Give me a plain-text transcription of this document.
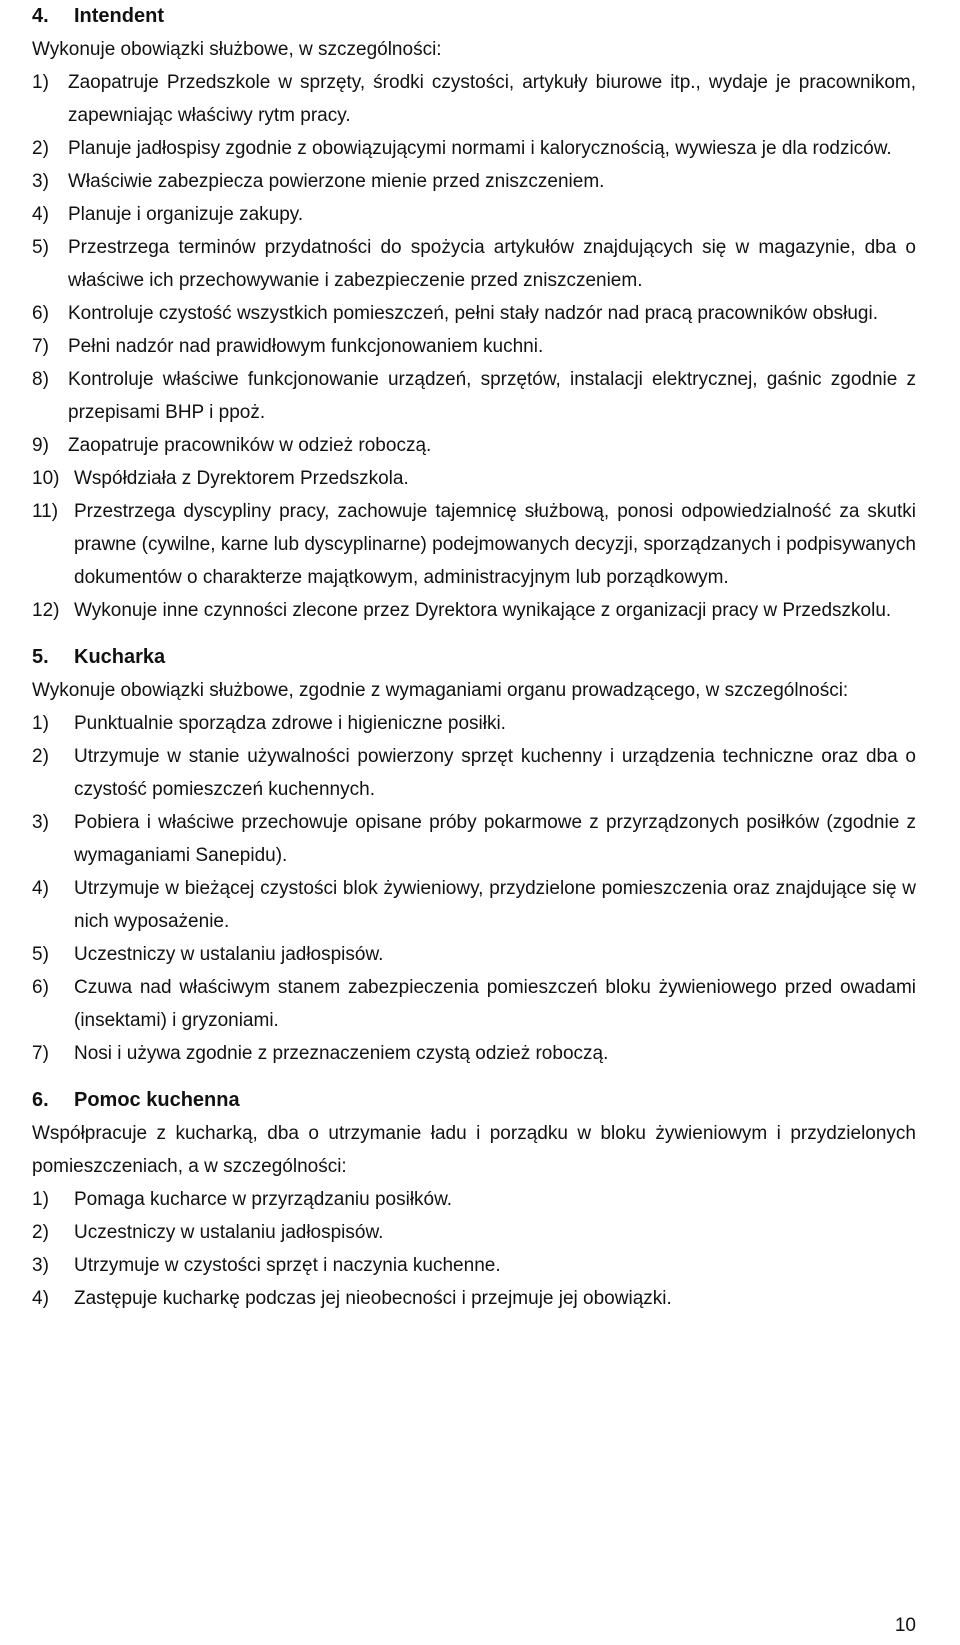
4.	Intendent

Wykonuje obowiązki służbowe, w szczególności:

1)	Zaopatruje Przedszkole w sprzęty, środki czystości, artykuły biurowe itp., wydaje je pracownikom, zapewniając właściwy rytm pracy.
2)	Planuje jadłospisy zgodnie z obowiązującymi normami i kalorycznością, wywiesza je dla rodziców.
3)	Właściwie zabezpiecza powierzone mienie przed zniszczeniem.
4)	Planuje i organizuje zakupy.
5)	Przestrzega terminów przydatności do spożycia artykułów znajdujących się w magazynie, dba o właściwe ich przechowywanie i zabezpieczenie przed zniszczeniem.
6)	Kontroluje czystość wszystkich pomieszczeń, pełni stały nadzór nad pracą pracowników obsługi.
7)	Pełni nadzór nad prawidłowym funkcjonowaniem kuchni.
8)	Kontroluje właściwe funkcjonowanie urządzeń, sprzętów, instalacji elektrycznej, gaśnic zgodnie z przepisami BHP i ppoż.
9)	Zaopatruje pracowników w odzież roboczą.
10) Współdziała z Dyrektorem Przedszkola.
11) Przestrzega dyscypliny pracy, zachowuje tajemnicę służbową, ponosi odpowiedzialność za skutki prawne (cywilne, karne lub dyscyplinarne) podejmowanych decyzji, sporządzanych i podpisywanych dokumentów o charakterze majątkowym, administracyjnym lub porządkowym.
12) Wykonuje inne czynności zlecone przez Dyrektora wynikające z organizacji pracy w Przedszkolu.
5.	Kucharka

Wykonuje obowiązki służbowe, zgodnie z wymaganiami organu prowadzącego, w szczególności:

1)	Punktualnie sporządza zdrowe i higieniczne posiłki.
2)	Utrzymuje w stanie używalności powierzony sprzęt kuchenny i urządzenia techniczne oraz dba o czystość pomieszczeń kuchennych.
3)	Pobiera i właściwe przechowuje opisane próby pokarmowe z przyrządzonych posiłków (zgodnie z wymaganiami Sanepidu).
4)	Utrzymuje w bieżącej czystości blok żywieniowy, przydzielone pomieszczenia oraz znajdujące się w nich wyposażenie.
5)	Uczestniczy w ustalaniu jadłospisów.
6)	Czuwa nad właściwym stanem zabezpieczenia pomieszczeń bloku żywieniowego przed owadami (insektami) i gryzoniami.
7)	Nosi i używa zgodnie z przeznaczeniem czystą odzież roboczą.
6.	Pomoc kuchenna

Współpracuje z kucharką, dba o utrzymanie ładu i porządku w bloku żywieniowym i przydzielonych pomieszczeniach, a w szczególności:

1)	Pomaga kucharce w przyrządzaniu posiłków.
2)	Uczestniczy w ustalaniu jadłospisów.
3)	Utrzymuje w czystości sprzęt i naczynia kuchenne.
4)	Zastępuje kucharkę podczas jej nieobecności i przejmuje jej obowiązki.
10
